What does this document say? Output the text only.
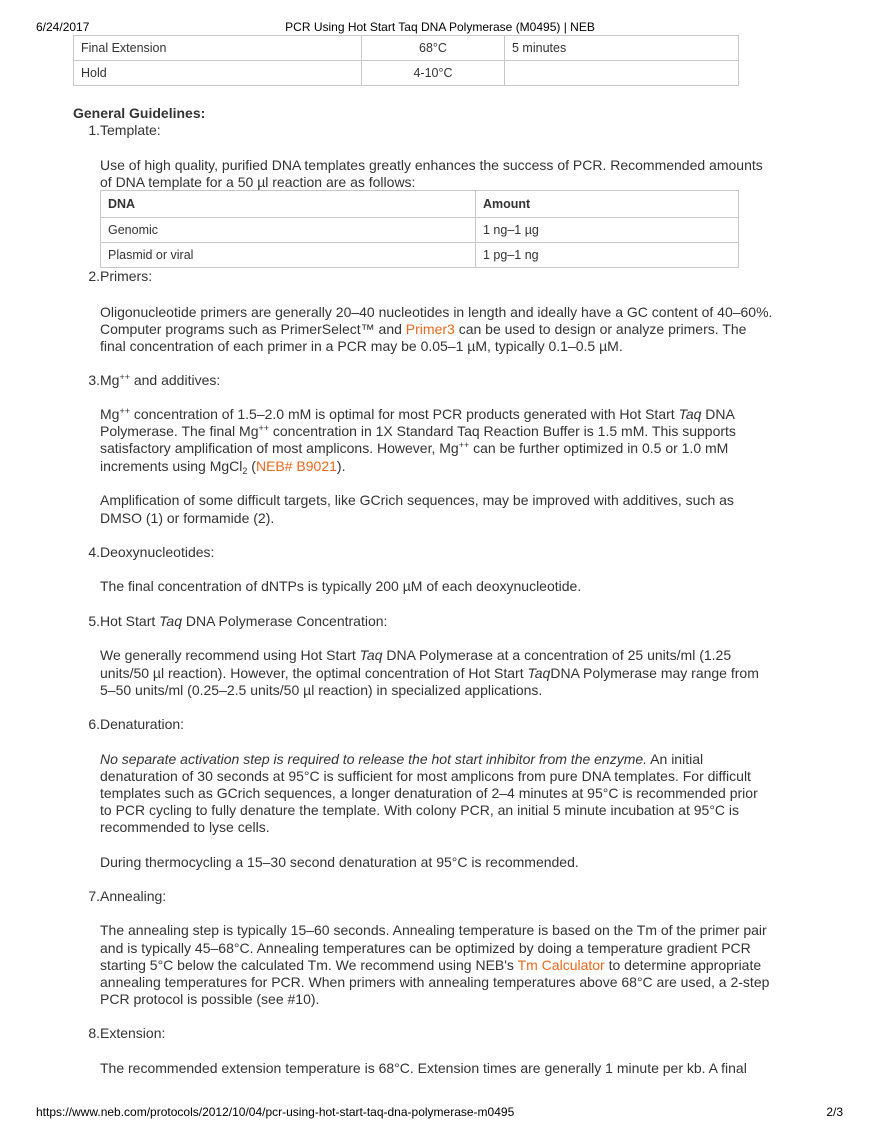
6/24/2017	PCR Using Hot Start Taq DNA Polymerase (M0495) | NEB
Final Extension	68°C	5 minutes
Hold	4-10°C	
General Guidelines:
1. Template:
Use of high quality, purified DNA templates greatly enhances the success of PCR. Recommended amounts
of DNA template for a 50 µl reaction are as follows:
DNA	Amount
Genomic	1 ng–1 µg
Plasmid or viral	1 pg–1 ng
2. Primers:
Oligonucleotide primers are generally 20–40 nucleotides in length and ideally have a GC content of 40–60%.
Computer programs such as PrimerSelect™ and Primer3 can be used to design or analyze primers. The
final concentration of each primer in a PCR may be 0.05–1 µM, typically 0.1–0.5 µM.
3. Mg++ and additives:
Mg++ concentration of 1.5–2.0 mM is optimal for most PCR products generated with Hot Start Taq DNA
Polymerase. The final Mg++ concentration in 1X Standard Taq Reaction Buffer is 1.5 mM. This supports
satisfactory amplification of most amplicons. However, Mg++ can be further optimized in 0.5 or 1.0 mM
increments using MgCl$_2$ (NEB# B9021).
Amplification of some difficult targets, like GCrich sequences, may be improved with additives, such as
DMSO (1) or formamide (2).
4. Deoxynucleotides:
The final concentration of dNTPs is typically 200 µM of each deoxynucleotide.
5. Hot Start Taq DNA Polymerase Concentration:
We generally recommend using Hot Start Taq DNA Polymerase at a concentration of 25 units/ml (1.25
units/50 µl reaction). However, the optimal concentration of Hot Start TaqDNA Polymerase may range from
5–50 units/ml (0.25–2.5 units/50 µl reaction) in specialized applications.
6. Denaturation:
No separate activation step is required to release the hot start inhibitor from the enzyme. An initial
denaturation of 30 seconds at 95°C is sufficient for most amplicons from pure DNA templates. For difficult
templates such as GCrich sequences, a longer denaturation of 2–4 minutes at 95°C is recommended prior
to PCR cycling to fully denature the template. With colony PCR, an initial 5 minute incubation at 95°C is
recommended to lyse cells.
During thermocycling a 15–30 second denaturation at 95°C is recommended.
7. Annealing:
The annealing step is typically 15–60 seconds. Annealing temperature is based on the Tm of the primer pair
and is typically 45–68°C. Annealing temperatures can be optimized by doing a temperature gradient PCR
starting 5°C below the calculated Tm. We recommend using NEB's Tm Calculator to determine appropriate
annealing temperatures for PCR. When primers with annealing temperatures above 68°C are used, a 2-step
PCR protocol is possible (see #10).
8. Extension:
The recommended extension temperature is 68°C. Extension times are generally 1 minute per kb. A final
https://www.neb.com/protocols/2012/10/04/pcr-using-hot-start-taq-dna-polymerase-m0495	2/3
